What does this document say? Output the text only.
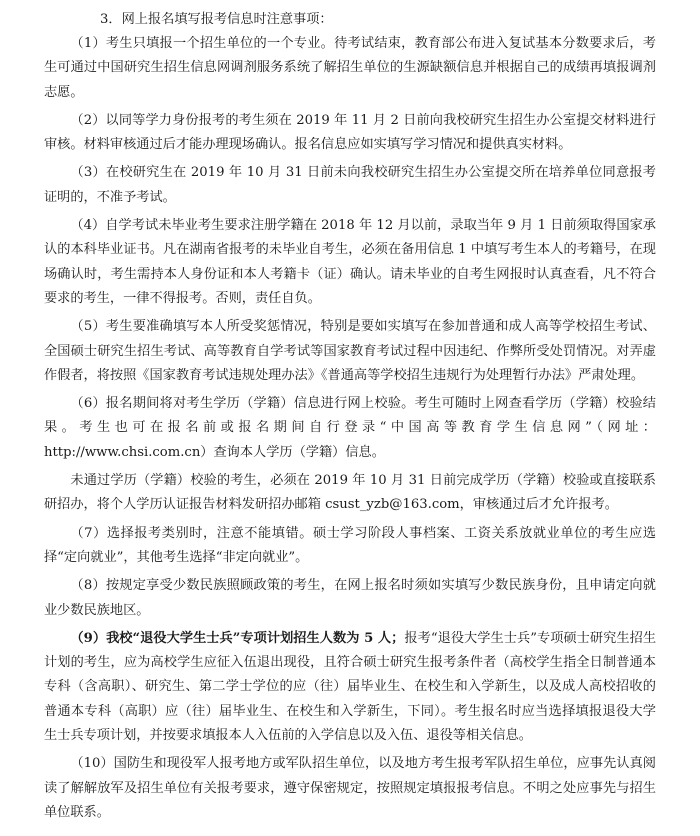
3．网上报名填写报考信息时注意事项：

（1）考生只填报一个招生单位的一个专业。待考试结束，教育部公布进入复试基本分数要求后，考生可通过中国研究生招生信息网调剂服务系统了解招生单位的生源缺额信息并根据自己的成绩再填报调剂志愿。

（2）以同等学力身份报考的考生须在 2019 年 11 月 2 日前向我校研究生招生办公室提交材料进行审核。材料审核通过后才能办理现场确认。报名信息应如实填写学习情况和提供真实材料。

（3）在校研究生在 2019 年 10 月 31 日前未向我校研究生招生办公室提交所在培养单位同意报考证明的，不准予考试。

（4）自学考试未毕业考生要求注册学籍在 2018 年 12 月以前，录取当年 9 月 1 日前须取得国家承认的本科毕业证书。凡在湖南省报考的未毕业自考生，必须在备用信息 1 中填写考生本人的考籍号，在现场确认时，考生需持本人身份证和本人考籍卡（证）确认。请未毕业的自考生网报时认真查看，凡不符合要求的考生，一律不得报考。否则，责任自负。

（5）考生要准确填写本人所受奖惩情况，特别是要如实填写在参加普通和成人高等学校招生考试、全国硕士研究生招生考试、高等教育自学考试等国家教育考试过程中因违纪、作弊所受处罚情况。对弄虚作假者，将按照《国家教育考试违规处理办法》《普通高等学校招生违规行为处理暂行办法》严肃处理。

（6）报名期间将对考生学历（学籍）信息进行网上校验。考生可随时上网查看学历（学籍）校验结果。考生也可在报名前或报名期间自行登录“中国高等教育学生信息网”（网址：http://www.chsi.com.cn）查询本人学历（学籍）信息。

未通过学历（学籍）校验的考生，必须在 2019 年 10 月 31 日前完成学历（学籍）校验或直接联系研招办，将个人学历认证报告材料发研招办邮箱 csust_yzb@163.com，审核通过后才允许报考。

（7）选择报考类别时，注意不能填错。硕士学习阶段人事档案、工资关系放就业单位的考生应选择“定向就业”，其他考生选择“非定向就业”。

（8）按规定享受少数民族照顾政策的考生，在网上报名时须如实填写少数民族身份，且申请定向就业少数民族地区。

（9）我校“退役大学生士兵”专项计划招生人数为 5 人；报考“退役大学生士兵”专项硕士研究生招生计划的考生，应为高校学生应征入伍退出现役，且符合硕士研究生报考条件者（高校学生指全日制普通本专科（含高职）、研究生、第二学士学位的应（往）届毕业生、在校生和入学新生，以及成人高校招收的普通本专科（高职）应（往）届毕业生、在校生和入学新生，下同）。考生报名时应当选择填报退役大学生士兵专项计划，并按要求填报本人入伍前的入学信息以及入伍、退役等相关信息。

（10）国防生和现役军人报考地方或军队招生单位，以及地方考生报考军队招生单位，应事先认真阅读了解解放军及招生单位有关报考要求，遵守保密规定，按照规定填报报考信息。不明之处应事先与招生单位联系。
